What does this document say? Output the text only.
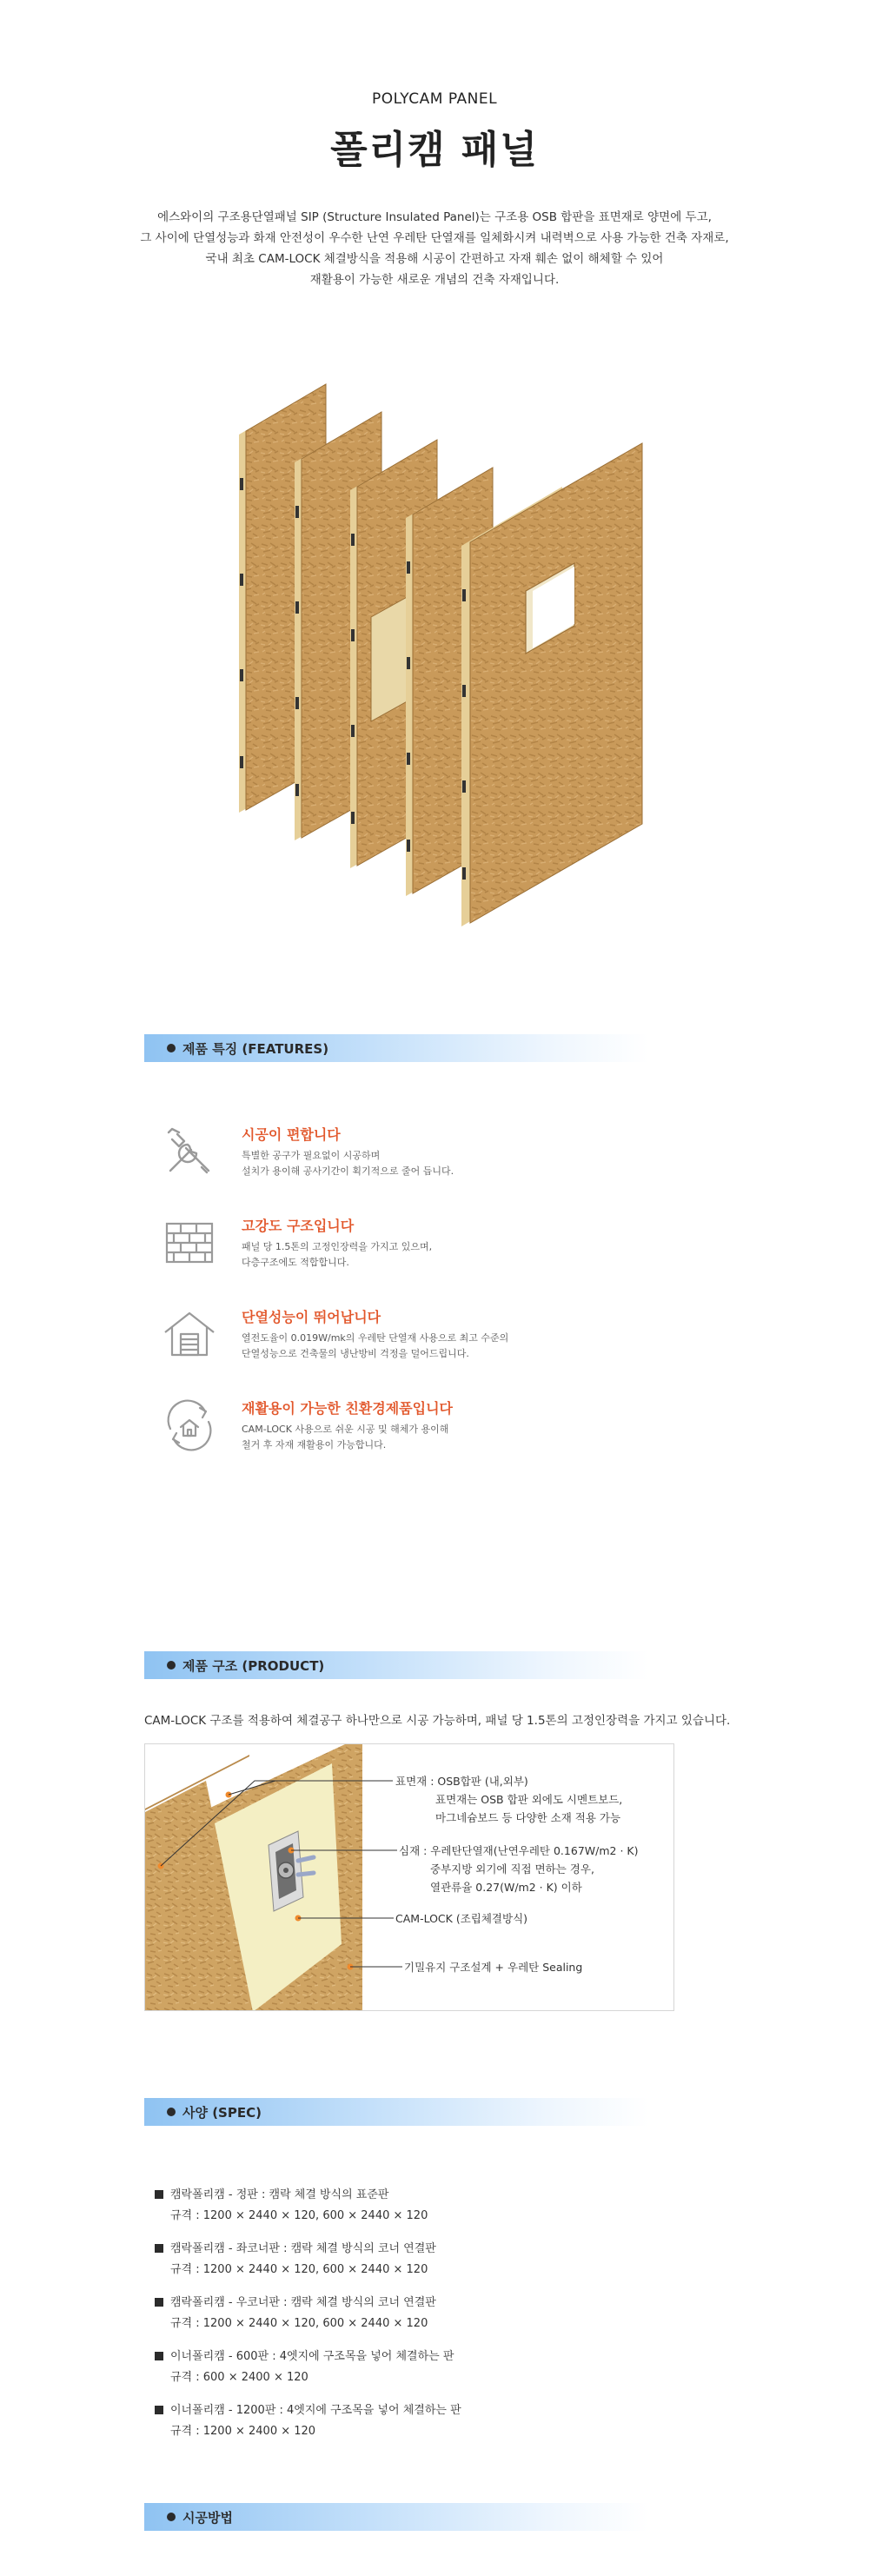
POLYCAM PANEL
폴리캠 패널
에스와이의 구조용단열패널 SIP (Structure Insulated Panel)는 구조용 OSB 합판을 표면재로 양면에 두고,
그 사이에 단열성능과 화재 안전성이 우수한 난연 우레탄 단열재를 일체화시켜 내력벽으로 사용 가능한 건축 자재로,
국내 최초 CAM-LOCK 체결방식을 적용해 시공이 간편하고 자재 훼손 없이 해체할 수 있어
재활용이 가능한 새로운 개념의 건축 자재입니다.
제품 특징 (FEATURES)
시공이 편합니다
특별한 공구가 필요없이 시공하며
설치가 용이해 공사기간이 획기적으로 줄어 듭니다.
고강도 구조입니다
패널 당 1.5톤의 고정인장력을 가지고 있으며,
다층구조에도 적합합니다.
단열성능이 뛰어납니다
열전도율이 0.019W/mk의 우레탄 단열재 사용으로 최고 수준의
단열성능으로 건축물의 냉난방비 걱정을 덜어드립니다.
재활용이 가능한 친환경제품입니다
CAM-LOCK 사용으로 쉬운 시공 및 해체가 용이해
철거 후 자재 재활용이 가능합니다.
제품 구조 (PRODUCT)
CAM-LOCK 구조를 적용하여 체결공구 하나만으로 시공 가능하며, 패널 당 1.5톤의 고정인장력을 가지고 있습니다.
표면재 : OSB합판 (내,외부)
표면재는 OSB 합판 외에도 시멘트보드,
마그네슘보드 등 다양한 소재 적용 가능
심재 : 우레탄단열재(난연우레탄 0.167W/m2 · K)
중부지방 외기에 직접 면하는 경우,
열관류율 0.27(W/m2 · K) 이하
CAM-LOCK (조립체결방식)
기밀유지 구조설계 + 우레탄 Sealing
사양 (SPEC)
캠락폴리캠 - 정판 : 캠락 체결 방식의 표준판
규격 : 1200 × 2440 × 120, 600 × 2440 × 120
캠락폴리캠 - 좌코너판 : 캠락 체결 방식의 코너 연결판
규격 : 1200 × 2440 × 120, 600 × 2440 × 120
캠락폴리캠 - 우코너판 : 캠락 체결 방식의 코너 연결판
규격 : 1200 × 2440 × 120, 600 × 2440 × 120
이너폴리캠 - 600판 : 4엣지에 구조목을 넣어 체결하는 판
규격 : 600 × 2400 × 120
이너폴리캠 - 1200판 : 4엣지에 구조목을 넣어 체결하는 판
규격 : 1200 × 2400 × 120
시공방법
